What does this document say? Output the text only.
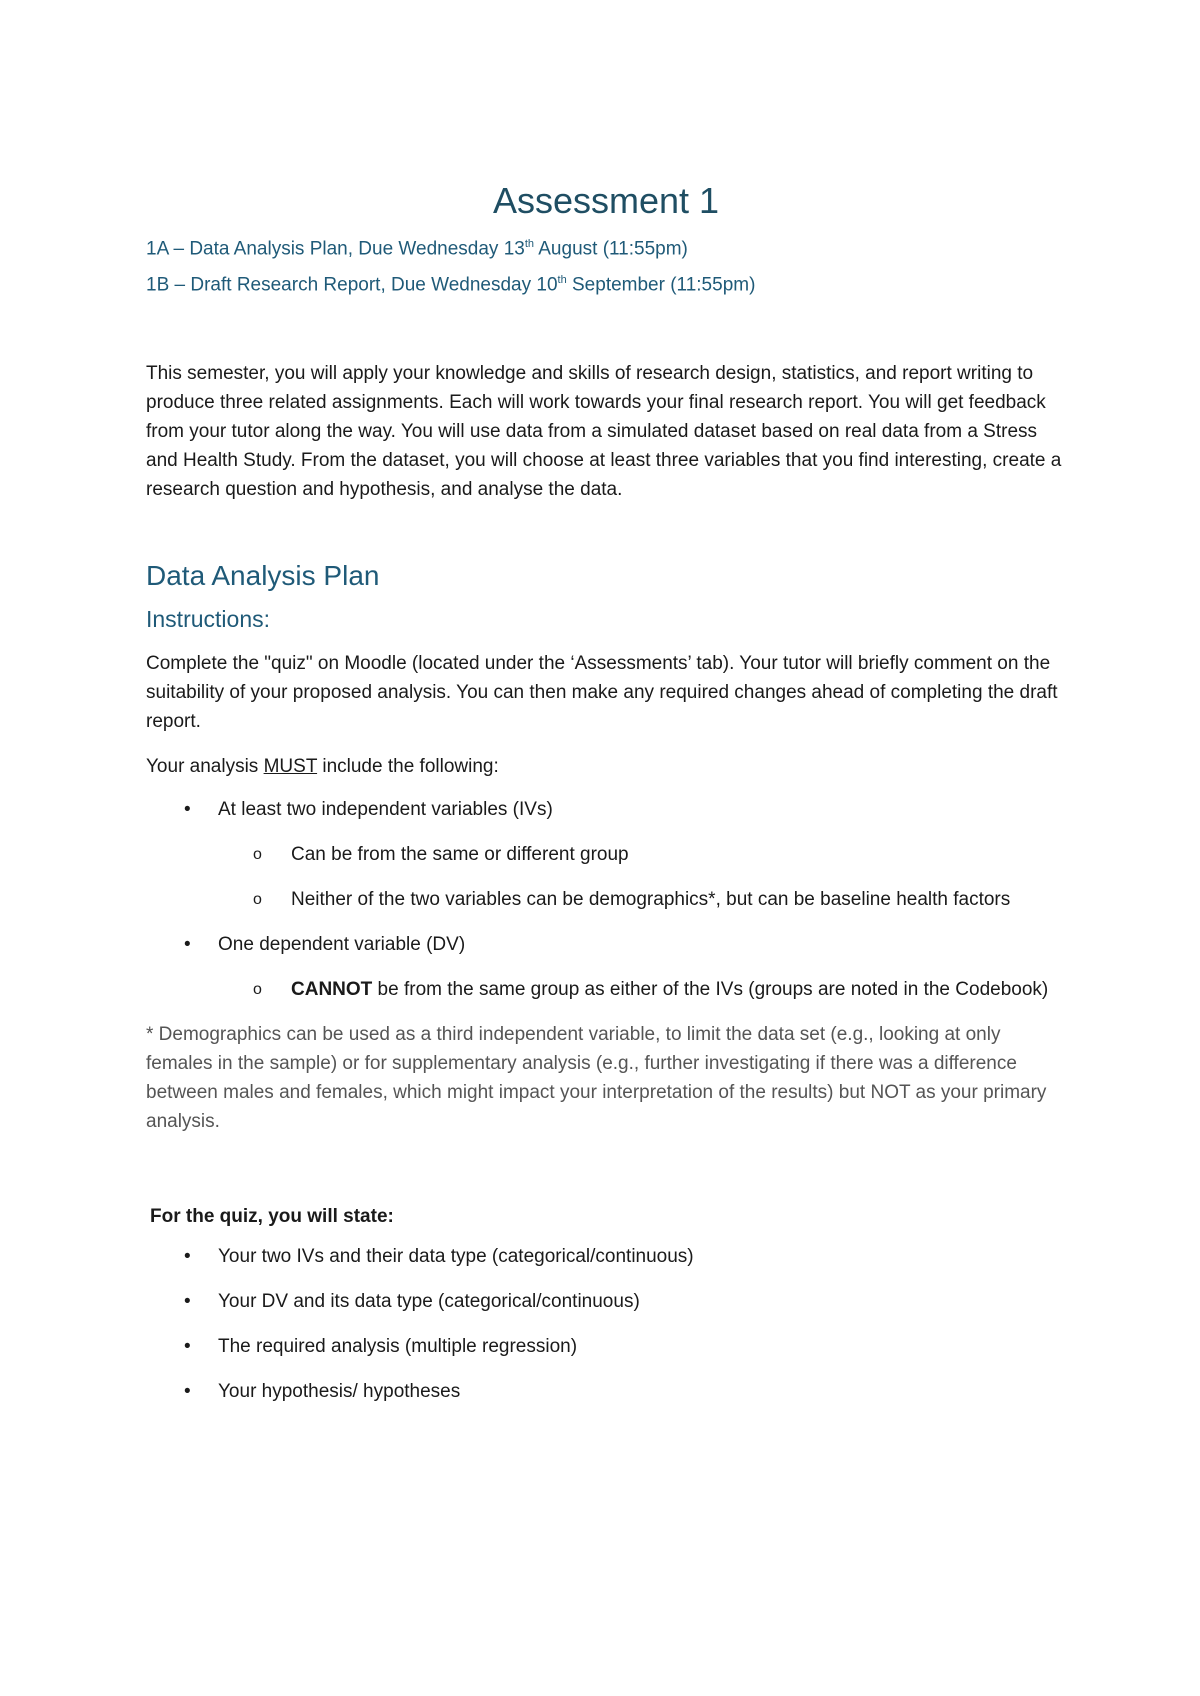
Assessment 1

1A – Data Analysis Plan, Due Wednesday 13th August (11:55pm)

1B – Draft Research Report, Due Wednesday 10th September (11:55pm)

This semester, you will apply your knowledge and skills of research design, statistics, and report writing to produce three related assignments. Each will work towards your final research report. You will get feedback from your tutor along the way. You will use data from a simulated dataset based on real data from a Stress and Health Study. From the dataset, you will choose at least three variables that you find interesting, create a research question and hypothesis, and analyse the data.

Data Analysis Plan
Instructions:

Complete the "quiz" on Moodle (located under the ‘Assessments’ tab). Your tutor will briefly comment on the suitability of your proposed analysis. You can then make any required changes ahead of completing the draft report.

Your analysis MUST include the following:

• At least two independent variables (IVs)
o Can be from the same or different group
o Neither of the two variables can be demographics*, but can be baseline health factors
• One dependent variable (DV)
o CANNOT be from the same group as either of the IVs (groups are noted in the Codebook)

* Demographics can be used as a third independent variable, to limit the data set (e.g., looking at only females in the sample) or for supplementary analysis (e.g., further investigating if there was a difference between males and females, which might impact your interpretation of the results) but NOT as your primary analysis.

For the quiz, you will state:

• Your two IVs and their data type (categorical/continuous)
• Your DV and its data type (categorical/continuous)
• The required analysis (multiple regression)
• Your hypothesis/ hypotheses
